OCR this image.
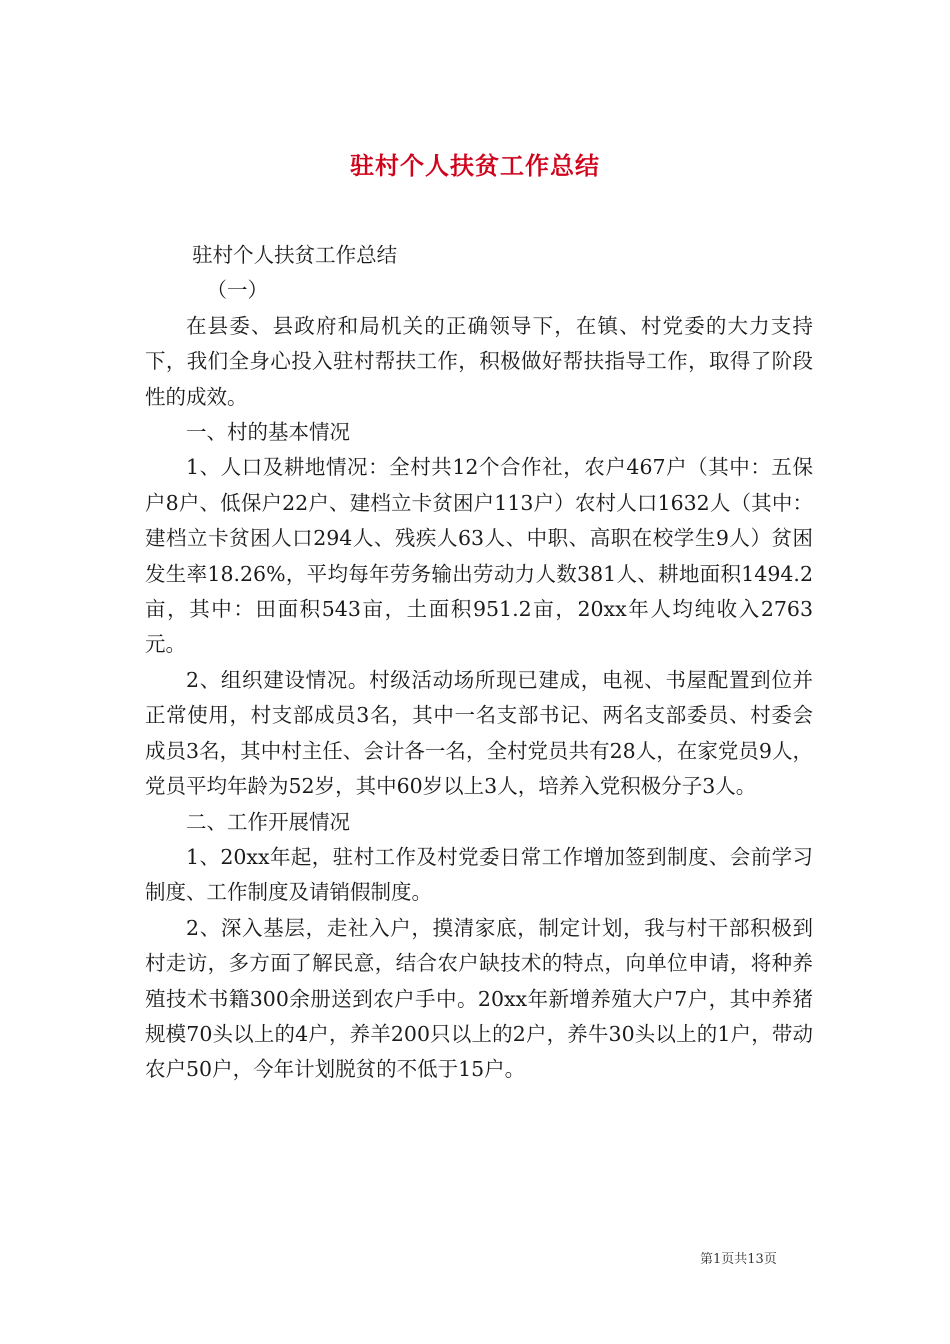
驻村个人扶贫工作总结

驻村个人扶贫工作总结

（一）

在县委、县政府和局机关的正确领导下，在镇、村党委的大力支持下，我们全身心投入驻村帮扶工作，积极做好帮扶指导工作，取得了阶段性的成效。

一、村的基本情况

1、人口及耕地情况：全村共12个合作社，农户467户（其中：五保户8户、低保户22户、建档立卡贫困户113户）农村人口1632人（其中：建档立卡贫困人口294人、残疾人63人、中职、高职在校学生9人）贫困发生率18.26%，平均每年劳务输出劳动力人数381人、耕地面积1494.2亩，其中：田面积543亩，土面积951.2亩，20xx年人均纯收入2763元。

2、组织建设情况。村级活动场所现已建成，电视、书屋配置到位并正常使用，村支部成员3名，其中一名支部书记、两名支部委员、村委会成员3名，其中村主任、会计各一名，全村党员共有28人，在家党员9人，党员平均年龄为52岁，其中60岁以上3人，培养入党积极分子3人。

二、工作开展情况

1、20xx年起，驻村工作及村党委日常工作增加签到制度、会前学习制度、工作制度及请销假制度。

2、深入基层，走社入户，摸清家底，制定计划，我与村干部积极到村走访，多方面了解民意，结合农户缺技术的特点，向单位申请，将种养殖技术书籍300余册送到农户手中。20xx年新增养殖大户7户，其中养猪规模70头以上的4户，养羊200只以上的2户，养牛30头以上的1户，带动农户50户，今年计划脱贫的不低于15户。

第1页共13页
